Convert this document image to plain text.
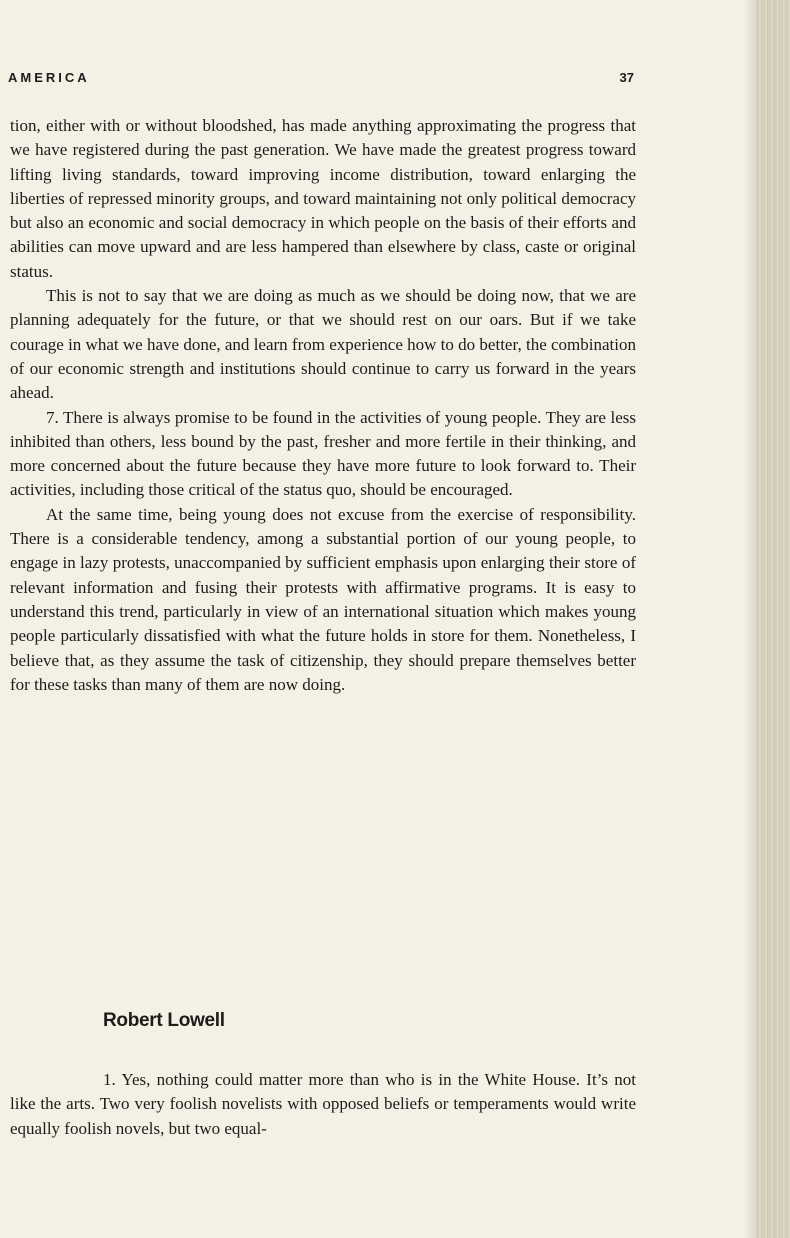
AMERICA	37

tion, either with or without bloodshed, has made anything approximating the progress that we have registered during the past generation. We have made the greatest progress toward lifting living standards, toward improving income distribution, toward enlarging the liberties of repressed minority groups, and toward maintaining not only political democracy but also an economic and social democracy in which people on the basis of their efforts and abilities can move upward and are less hampered than elsewhere by class, caste or original status.

This is not to say that we are doing as much as we should be doing now, that we are planning adequately for the future, or that we should rest on our oars. But if we take courage in what we have done, and learn from experience how to do better, the combination of our economic strength and institutions should continue to carry us forward in the years ahead.

7. There is always promise to be found in the activities of young people. They are less inhibited than others, less bound by the past, fresher and more fertile in their thinking, and more concerned about the future because they have more future to look forward to. Their activities, including those critical of the status quo, should be encouraged.

At the same time, being young does not excuse from the exercise of responsibility. There is a considerable tendency, among a substantial portion of our young people, to engage in lazy protests, unaccompanied by sufficient emphasis upon enlarging their store of relevant information and fusing their protests with affirmative programs. It is easy to understand this trend, particularly in view of an international situation which makes young people particularly dissatisfied with what the future holds in store for them. Nonetheless, I believe that, as they assume the task of citizenship, they should prepare themselves better for these tasks than many of them are now doing.

Robert Lowell

1. Yes, nothing could matter more than who is in the White House. It’s not like the arts. Two very foolish novelists with opposed beliefs or temperaments would write equally foolish novels, but two equal-
